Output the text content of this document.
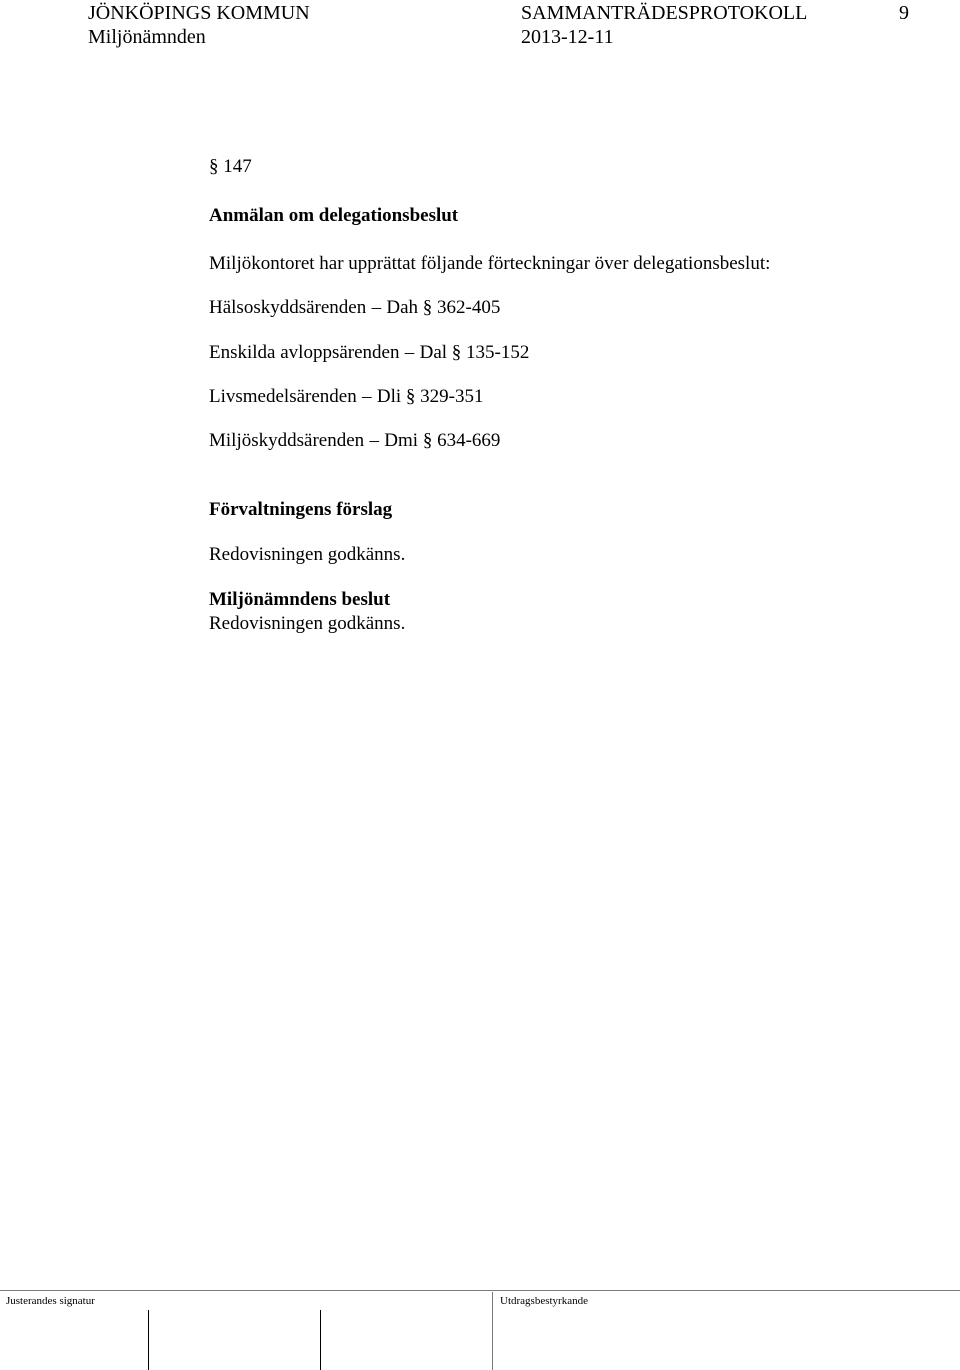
JÖNKÖPINGS KOMMUN	SAMMANTRÄDESPROTOKOLL	9
Miljönämnden	2013-12-11
§ 147
Anmälan om delegationsbeslut
Miljökontoret har upprättat följande förteckningar över delegationsbeslut:
Hälsoskyddsärenden – Dah § 362-405
Enskilda avloppsärenden – Dal § 135-152
Livsmedelsärenden – Dli § 329-351
Miljöskyddsärenden – Dmi § 634-669
Förvaltningens förslag
Redovisningen godkänns.
Miljönämndens beslut
Redovisningen godkänns.
Justerandes signatur	Utdragsbestyrkande
